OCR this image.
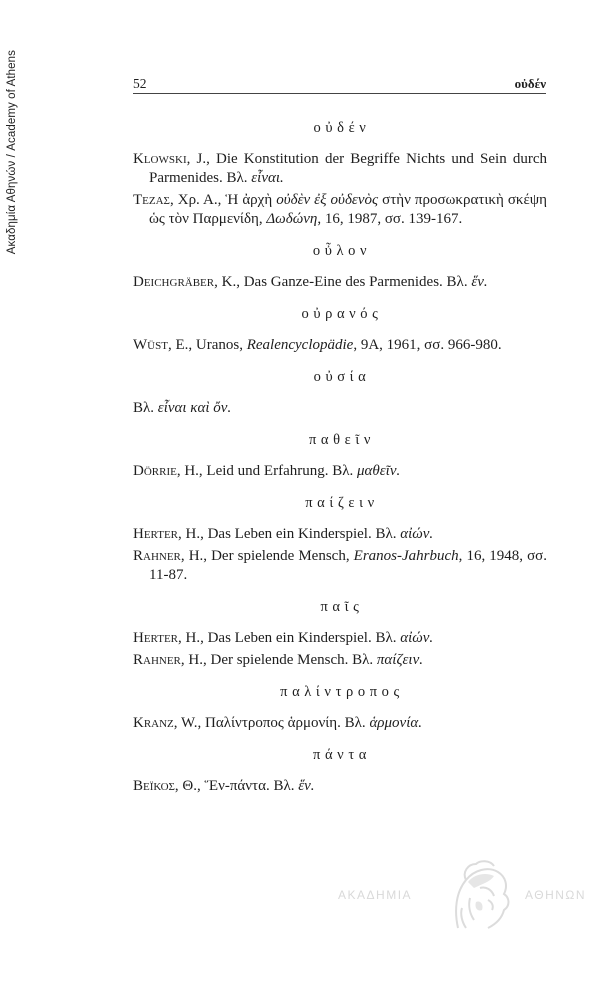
Ακαδημία Αθηνών / Academy of Athens	52	οὐδέν
οὐδέν

Klowski, J., Die Konstitution der Begriffe Nichts und Sein durch Parmenides. Βλ. εἶναι.

Τεζας, Χρ. Α., Ἡ ἀρχὴ οὐδὲν ἐξ οὐδενὸς στὴν προσωκρατικὴ σκέψη ὡς τὸν Παρμενίδη, Δωδώνη, 16, 1987, σσ. 139-167.

οὖλον

Deichgräber, K., Das Ganze-Eine des Parmenides. Βλ. ἕν.

οὐρανός

Wüst, E., Uranos, Realencyclopädie, 9A, 1961, σσ. 966-980.

οὐσία

Βλ. εἶναι καὶ ὄν.

παθεῖν

Dörrie, H., Leid und Erfahrung. Βλ. μαθεῖν.

παίζειν

Herter, H., Das Leben ein Kinderspiel. Βλ. αἰών.

Rahner, H., Der spielende Mensch, Eranos-Jahrbuch, 16, 1948, σσ. 11-87.

παῖς

Herter, H., Das Leben ein Kinderspiel. Βλ. αἰών.

Rahner, H., Der spielende Mensch. Βλ. παίζειν.

παλίντροπος

Kranz, W., Παλίντροπος ἁρμονίη. Βλ. ἁρμονία.

πάντα

Βεϊκος, Θ., Ἕν-πάντα. Βλ. ἕν.

ΑΚΑΔΗΜΙΑ	ΑΘΗΝΩΝ
